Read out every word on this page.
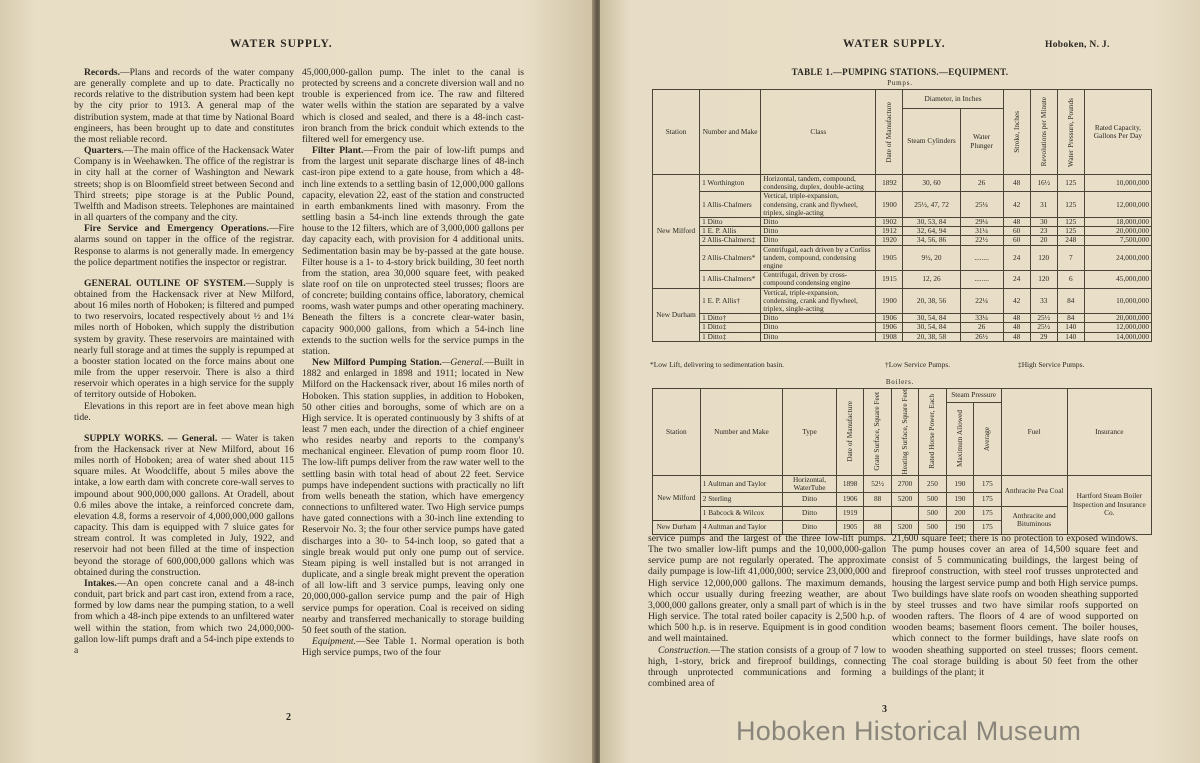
WATER SUPPLY.

Records.—Plans and records of the water company are generally complete and up to date. Practically no records relative to the distribution system had been kept by the city prior to 1913. A general map of the distribution system, made at that time by National Board engineers, has been brought up to date and constitutes the most reliable record.

Quarters.—The main office of the Hackensack Water Company is in Weehawken. The office of the registrar is in city hall at the corner of Washington and Newark streets; shop is on Bloomfield street between Second and Third streets; pipe storage is at the Public Pound, Twelfth and Madison streets. Telephones are maintained in all quarters of the company and the city.

Fire Service and Emergency Operations.—Fire alarms sound on tapper in the office of the registrar. Response to alarms is not generally made. In emergency the police department notifies the inspector or registrar.

GENERAL OUTLINE OF SYSTEM.—Supply is obtained from the Hackensack river at New Milford, about 16 miles north of Hoboken; is filtered and pumped to two reservoirs, located respectively about ½ and 1¼ miles north of Hoboken, which supply the distribution system by gravity. These reservoirs are maintained with nearly full storage and at times the supply is repumped at a booster station located on the force mains about one mile from the upper reservoir. There is also a third reservoir which operates in a high service for the supply of territory outside of Hoboken.

Elevations in this report are in feet above mean high tide.

SUPPLY WORKS. — General. — Water is taken from the Hackensack river at New Milford, about 16 miles north of Hoboken; area of water shed about 115 square miles. At Woodcliffe, about 5 miles above the intake, a low earth dam with concrete core-wall serves to impound about 900,000,000 gallons. At Oradell, about 0.6 miles above the intake, a reinforced concrete dam, elevation 4.8, forms a reservoir of 4,000,000,000 gallons capacity. This dam is equipped with 7 sluice gates for stream control. It was completed in July, 1922, and reservoir had not been filled at the time of inspection beyond the storage of 600,000,000 gallons which was obtained during the construction.

Intakes.—An open concrete canal and a 48-inch conduit, part brick and part cast iron, extend from a race, formed by low dams near the pumping station, to a well from which a 48-inch pipe extends to an unfiltered water well within the station, from which two 24,000,000-gallon low-lift pumps draft and a 54-inch pipe extends to a

45,000,000-gallon pump. The inlet to the canal is protected by screens and a concrete diversion wall and no trouble is experienced from ice. The raw and filtered water wells within the station are separated by a valve which is closed and sealed, and there is a 48-inch cast-iron branch from the brick conduit which extends to the filtered well for emergency use.

Filter Plant.—From the pair of low-lift pumps and from the largest unit separate discharge lines of 48-inch cast-iron pipe extend to a gate house, from which a 48-inch line extends to a settling basin of 12,000,000 gallons capacity, elevation 22, east of the station and constructed in earth embankments lined with masonry. From the settling basin a 54-inch line extends through the gate house to the 12 filters, which are of 3,000,000 gallons per day capacity each, with provision for 4 additional units. Sedimentation basin may be by-passed at the gate house. Filter house is a 1- to 4-story brick building, 30 feet north from the station, area 30,000 square feet, with peaked slate roof on tile on unprotected steel trusses; floors are of concrete; building contains office, laboratory, chemical rooms, wash water pumps and other operating machinery. Beneath the filters is a concrete clear-water basin, capacity 900,000 gallons, from which a 54-inch line extends to the suction wells for the service pumps in the station.

New Milford Pumping Station.—General.—Built in 1882 and enlarged in 1898 and 1911; located in New Milford on the Hackensack river, about 16 miles north of Hoboken. This station supplies, in addition to Hoboken, 50 other cities and boroughs, some of which are on a High service. It is operated continuously by 3 shifts of at least 7 men each, under the direction of a chief engineer who resides nearby and reports to the company's mechanical engineer. Elevation of pump room floor 10. The low-lift pumps deliver from the raw water well to the settling basin with total head of about 22 feet. Service pumps have independent suctions with practically no lift from wells beneath the station, which have emergency connections to unfiltered water. Two High service pumps have gated connections with a 30-inch line extending to Reservoir No. 3; the four other service pumps have gated discharges into a 30- to 54-inch loop, so gated that a single break would put only one pump out of service. Steam piping is well installed but is not arranged in duplicate, and a single break might prevent the operation of all low-lift and 3 service pumps, leaving only one 20,000,000-gallon service pump and the pair of High service pumps for operation. Coal is received on siding nearby and transferred mechanically to storage building 50 feet south of the station.

Equipment.—See Table 1. Normal operation is both High service pumps, two of the four

2
WATER SUPPLY.	Hoboken, N. J.
TABLE 1.—PUMPING STATIONS.—EQUIPMENT.
Pumps.
Station	Number and Make	Class	Date of Manufacture	Diameter, in Inches		Stroke, Inches	Revolutions per Minute	Water Pressure, Pounds	Rated Capacity, Gallons Per Day
				Steam Cylinders	Water Plunger				
New Milford	1 Worthington	Horizontal, tandem, compound, condensing, duplex, double-acting	1892	30, 60	26	48	16½	125	10,000,000
	1 Allis-Chalmers	Vertical, triple-expansion, condensing, crank and flywheel, triplex, single-acting	1900	25½, 47, 72	25¼	42	31	125	12,000,000
	1 Ditto	Ditto	1902	30, 53, 84	29¼	48	30	125	18,000,000
	1 E. P. Allis	Ditto	1912	32, 64, 94	31¼	60	23	125	20,000,000
	2 Allis-Chalmers‡	Ditto	1920	34, 56, 86	22½	60	20	248	7,500,000
	2 Allis-Chalmers*	Centrifugal, each driven by a Corliss tandem, compound, condensing engine	1905	9½, 20	........	24	120	7	24,000,000
	1 Allis-Chalmers*	Centrifugal, driven by cross-compound condensing engine	1915	12, 26	........	24	120	6	45,000,000
New Durham	1 E. P. Allis†	Vertical, triple-expansion, condensing, crank and flywheel, triplex, single-acting	1900	20, 38, 56	22¼	42	33	84	10,000,000
	1 Ditto†	Ditto	1906	30, 54, 84	33¼	48	25½	84	20,000,000
	1 Ditto‡	Ditto	1906	30, 54, 84	26	48	25½	140	12,000,000
	1 Ditto‡	Ditto	1908	20, 38, 58	26½	48	29	140	14,000,000
*Low Lift, delivering to sedimentation basin.	†Low Service Pumps.	‡High Service Pumps.
Boilers.
Station	Number and Make	Type	Date of Manufacture	Grate Surface, Square Feet	Heating Surface, Square Feet	Rated Horse Power, Each	Steam Pressure		Fuel	Insurance

							Maximum Allowed	Average		

New Milford	1 Aultman and Taylor	Horizontal, WaterTube	1898	52½	2700	250	190	175	Anthracite Pea Coal	Hartford Steam Boiler Inspection and Insurance Co.
	2 Sterling	Ditto	1906	88	5200	500	190	175		
	1 Babcock & Wilcox	Ditto	1919			500	200	175	Anthracite and Bituminous	
New Durham	4 Aultman and Taylor	Ditto	1905	88	5200	500	190	175		

service pumps and the largest of the three low-lift pumps. The two smaller low-lift pumps and the 10,000,000-gallon service pump are not regularly operated. The approximate daily pumpage is low-lift 41,000,000; service 23,000,000 and High service 12,000,000 gallons. The maximum demands, which occur usually during freezing weather, are about 3,000,000 gallons greater, only a small part of which is in the High service. The total rated boiler capacity is 2,500 h.p. of which 500 h.p. is in reserve. Equipment is in good condition and well maintained.

Construction.—The station consists of a group of 7 low to high, 1-story, brick and fireproof buildings, connecting through unprotected communications and forming a combined area of

21,600 square feet; there is no protection to exposed windows. The pump houses cover an area of 14,500 square feet and consist of 5 communicating buildings, the largest being of fireproof construction, with steel roof trusses unprotected and housing the largest service pump and both High service pumps. Two buildings have slate roofs on wooden sheathing supported by steel trusses and two have similar roofs supported on wooden rafters. The floors of 4 are of wood supported on wooden beams; basement floors cement. The boiler houses, which connect to the former buildings, have slate roofs on wooden sheathing supported on steel trusses; floors cement. The coal storage building is about 50 feet from the other buildings of the plant; it

3
Hoboken Historical Museum
